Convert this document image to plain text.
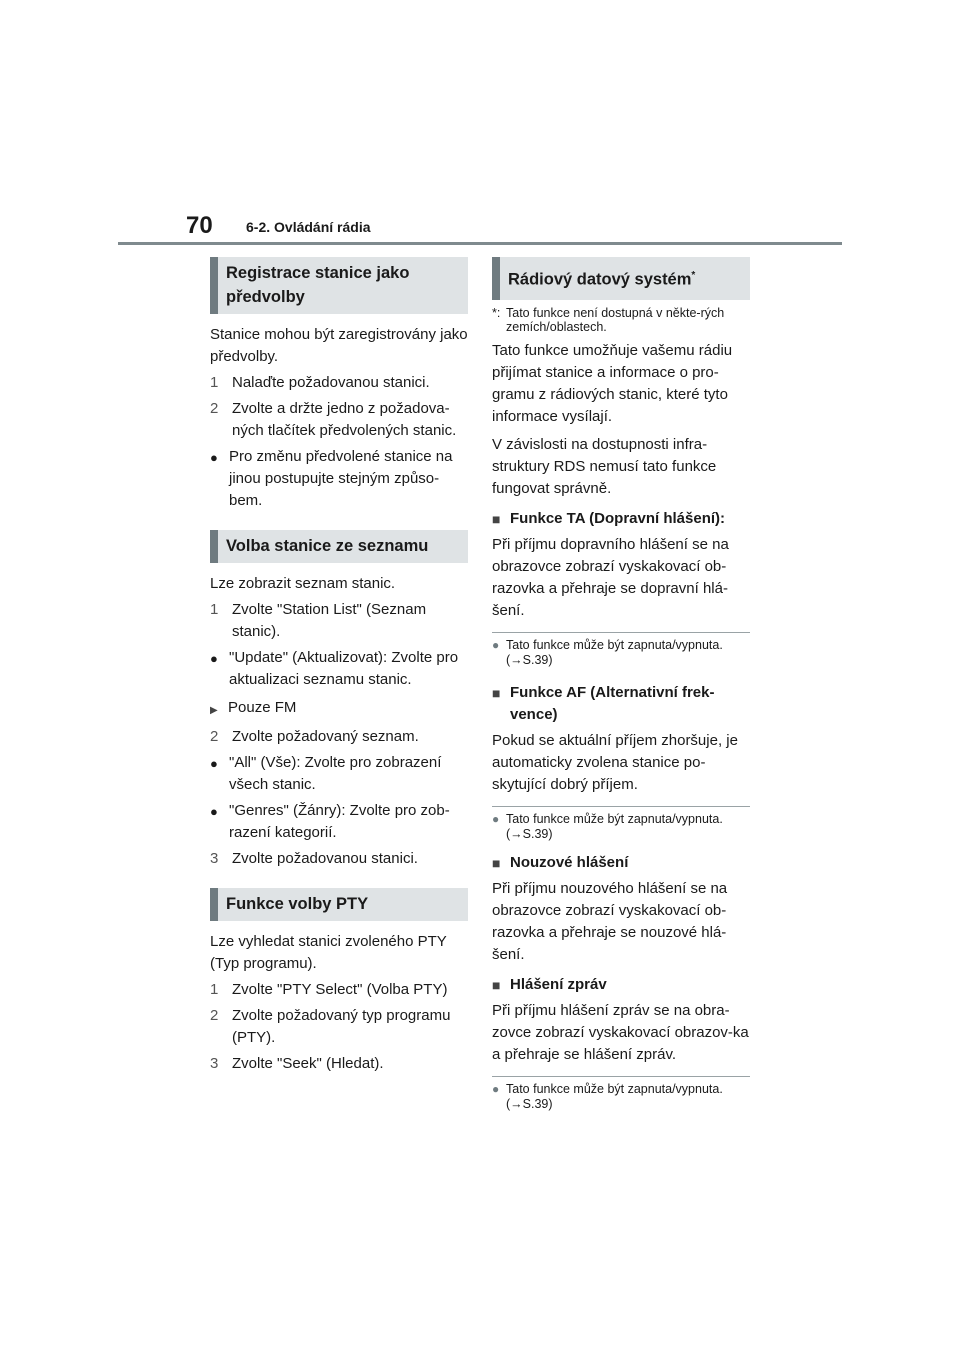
70 6-2. Ovládání rádia
Registrace stanice jako předvolby

Stanice mohou být zaregistrovány jako předvolby.

1 Nalaďte požadovanou stanici.
2 Zvolte a držte jedno z požadova-ných tlačítek předvolených stanic.
● Pro změnu předvolené stanice na jinou postupujte stejným způso-bem.
Volba stanice ze seznamu

Lze zobrazit seznam stanic.

1 Zvolte "Station List" (Seznam stanic).
● "Update" (Aktualizovat): Zvolte pro aktualizaci seznamu stanic.
▶ Pouze FM
2 Zvolte požadovaný seznam.
● "All" (Vše): Zvolte pro zobrazení všech stanic.
● "Genres" (Žánry): Zvolte pro zob-razení kategorií.
3 Zvolte požadovanou stanici.
Funkce volby PTY

Lze vyhledat stanici zvoleného PTY (Typ programu).

1 Zvolte "PTY Select" (Volba PTY)
2 Zvolte požadovaný typ programu (PTY).
3 Zvolte "Seek" (Hledat).
Rádiový datový systém*
*: Tato funkce není dostupná v někte-rých zemích/oblastech.

Tato funkce umožňuje vašemu rádiu přijímat stanice a informace o pro-gramu z rádiových stanic, které tyto informace vysílají.

V závislosti na dostupnosti infra-struktury RDS nemusí tato funkce fungovat správně.

■ Funkce TA (Dopravní hlášení):

Při příjmu dopravního hlášení se na obrazovce zobrazí vyskakovací ob-razovka a přehraje se dopravní hlá-šení.

● Tato funkce může být zapnuta/vypnuta. (→S.39)
■ Funkce AF (Alternativní frek-vence)

Pokud se aktuální příjem zhoršuje, je automaticky zvolena stanice po-skytující dobrý příjem.

● Tato funkce může být zapnuta/vypnuta. (→S.39)
■ Nouzové hlášení

Při příjmu nouzového hlášení se na obrazovce zobrazí vyskakovací ob-razovka a přehraje se nouzové hlá-šení.

■ Hlášení zpráv

Při příjmu hlášení zpráv se na obra-zovce zobrazí vyskakovací obrazov-ka a přehraje se hlášení zpráv.

● Tato funkce může být zapnuta/vypnuta. (→S.39)
